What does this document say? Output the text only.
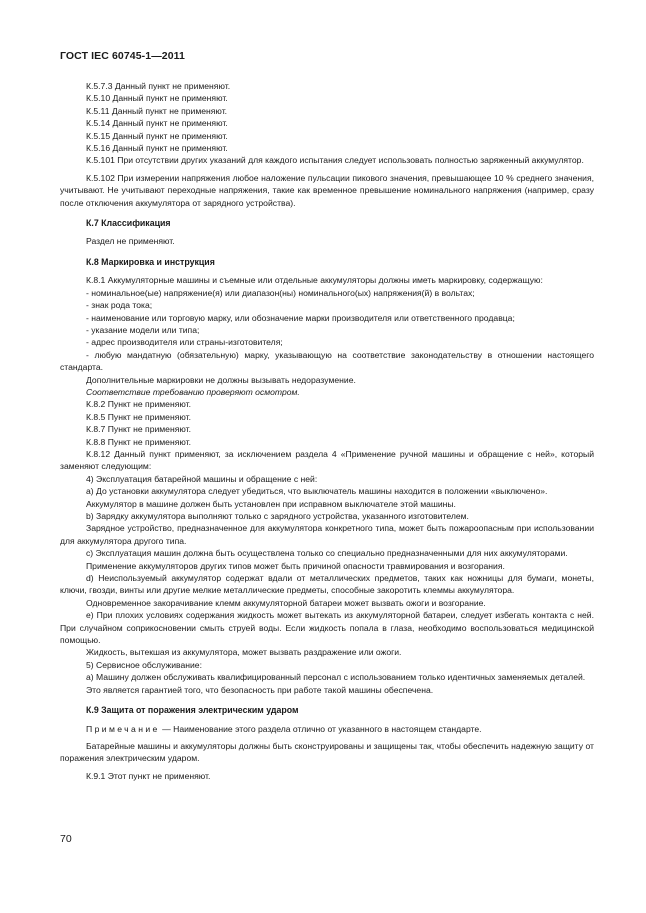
ГОСТ IEC 60745-1—2011

К.5.7.3 Данный пункт не применяют.

К.5.10 Данный пункт не применяют.

К.5.11 Данный пункт не применяют.

К.5.14 Данный пункт не применяют.

К.5.15 Данный пункт не применяют.

К.5.16 Данный пункт не применяют.

К.5.101 При отсутствии других указаний для каждого испытания следует использовать полностью заряженный аккумулятор.

К.5.102 При измерении напряжения любое наложение пульсации пикового значения, превышающее 10 % среднего значения, учитывают. Не учитывают переходные напряжения, такие как временное превышение номинального напряжения (например, сразу после отключения аккумулятора от зарядного устройства).

К.7 Классификация

Раздел не применяют.

К.8 Маркировка и инструкция

К.8.1 Аккумуляторные машины и съемные или отдельные аккумуляторы должны иметь маркировку, содержащую:

- номинальное(ые) напряжение(я) или диапазон(ны) номинального(ых) напряжения(й) в вольтах;

- знак рода тока;

- наименование или торговую марку, или обозначение марки производителя или ответственного продавца;

- указание модели или типа;

- адрес производителя или страны-изготовителя;

- любую мандатную (обязательную) марку, указывающую на соответствие законодательству в отношении настоящего стандарта.

Дополнительные маркировки не должны вызывать недоразумение.

Соответствие требованию проверяют осмотром.

К.8.2 Пункт не применяют.

К.8.5 Пункт не применяют.

К.8.7 Пункт не применяют.

К.8.8 Пункт не применяют.

К.8.12 Данный пункт применяют, за исключением раздела 4 «Применение ручной машины и обращение с ней», который заменяют следующим:

4) Эксплуатация батарейной машины и обращение с ней:

а) До установки аккумулятора следует убедиться, что выключатель машины находится в положении «выключено».

Аккумулятор в машине должен быть установлен при исправном выключателе этой машины.

b) Зарядку аккумулятора выполняют только с зарядного устройства, указанного изготовителем.

Зарядное устройство, предназначенное для аккумулятора конкретного типа, может быть пожароопасным при использовании для аккумулятора другого типа.

с) Эксплуатация машин должна быть осуществлена только со специально предназначенными для них аккумуляторами.

Применение аккумуляторов других типов может быть причиной опасности травмирования и возгорания.

d) Неиспользуемый аккумулятор содержат вдали от металлических предметов, таких как ножницы для бумаги, монеты, ключи, гвозди, винты или другие мелкие металлические предметы, способные закоротить клеммы аккумулятора.

Одновременное закорачивание клемм аккумуляторной батареи может вызвать ожоги и возгорание.

е) При плохих условиях содержания жидкость может вытекать из аккумуляторной батареи, следует избегать контакта с ней. При случайном соприкосновении смыть струей воды. Если жидкость попала в глаза, необходимо воспользоваться медицинской помощью.

Жидкость, вытекшая из аккумулятора, может вызвать раздражение или ожоги.

5) Сервисное обслуживание:

а) Машину должен обслуживать квалифицированный персонал с использованием только идентичных заменяемых деталей.

Это является гарантией того, что безопасность при работе такой машины обеспечена.

К.9 Защита от поражения электрическим ударом

Примечание — Наименование этого раздела отлично от указанного в настоящем стандарте.

Батарейные машины и аккумуляторы должны быть сконструированы и защищены так, чтобы обеспечить надежную защиту от поражения электрическим ударом.

К.9.1 Этот пункт не применяют.

70
